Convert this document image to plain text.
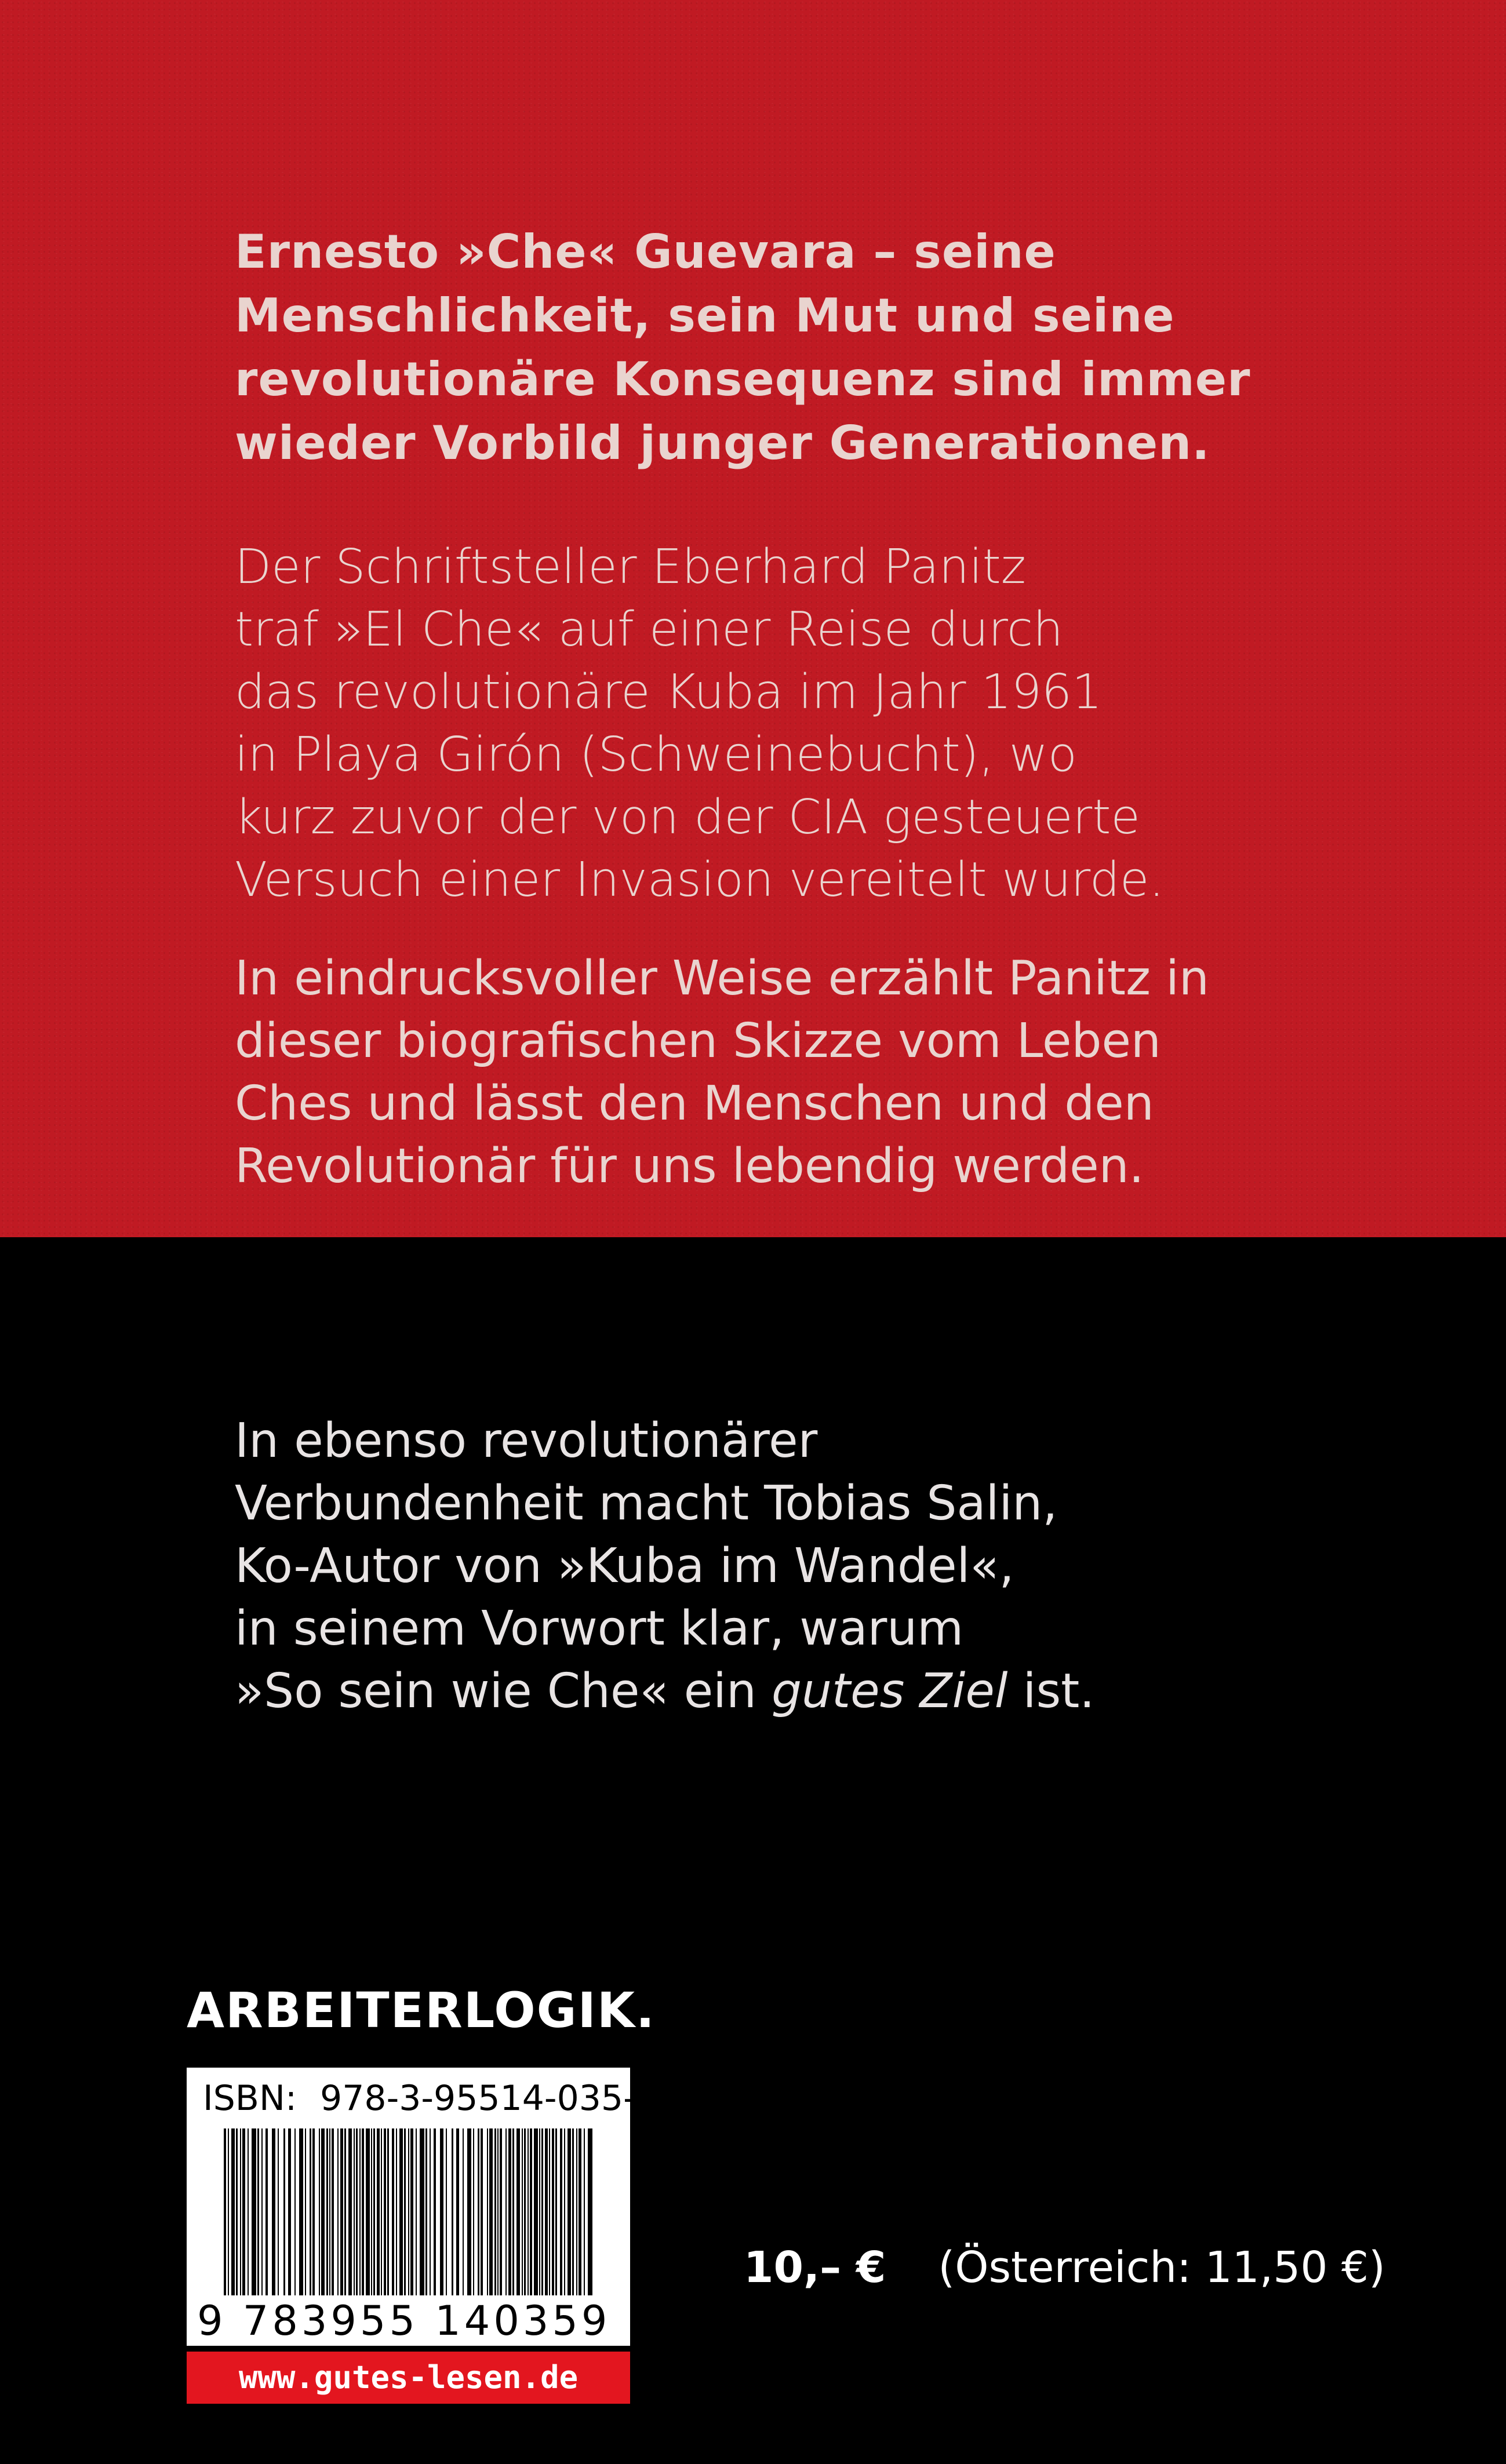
Ernesto »Che« Guevara – seine
Menschlichkeit, sein Mut und seine
revolutionäre Konsequenz sind immer
wieder Vorbild junger Generationen.
Der Schriftsteller Eberhard Panitz
traf »El Che« auf einer Reise durch
das revolutionäre Kuba im Jahr 1961
in Playa Girón (Schweinebucht), wo
kurz zuvor der von der CIA gesteuerte
Versuch einer Invasion vereitelt wurde.
In eindrucksvoller Weise erzählt Panitz in
dieser biografischen Skizze vom Leben
Ches und lässt den Menschen und den
Revolutionär für uns lebendig werden.
In ebenso revolutionärer
Verbundenheit macht Tobias Salin,
Ko-Autor von »Kuba im Wandel«,
in seinem Vorwort klar, warum
»So sein wie Che« ein gutes Ziel ist.
ARBEITERLOGIK.
ISBN: 978-3-95514-035-9
9 783955 140359 >
www.gutes-lesen.de
10,– € (Österreich: 11,50 €)
